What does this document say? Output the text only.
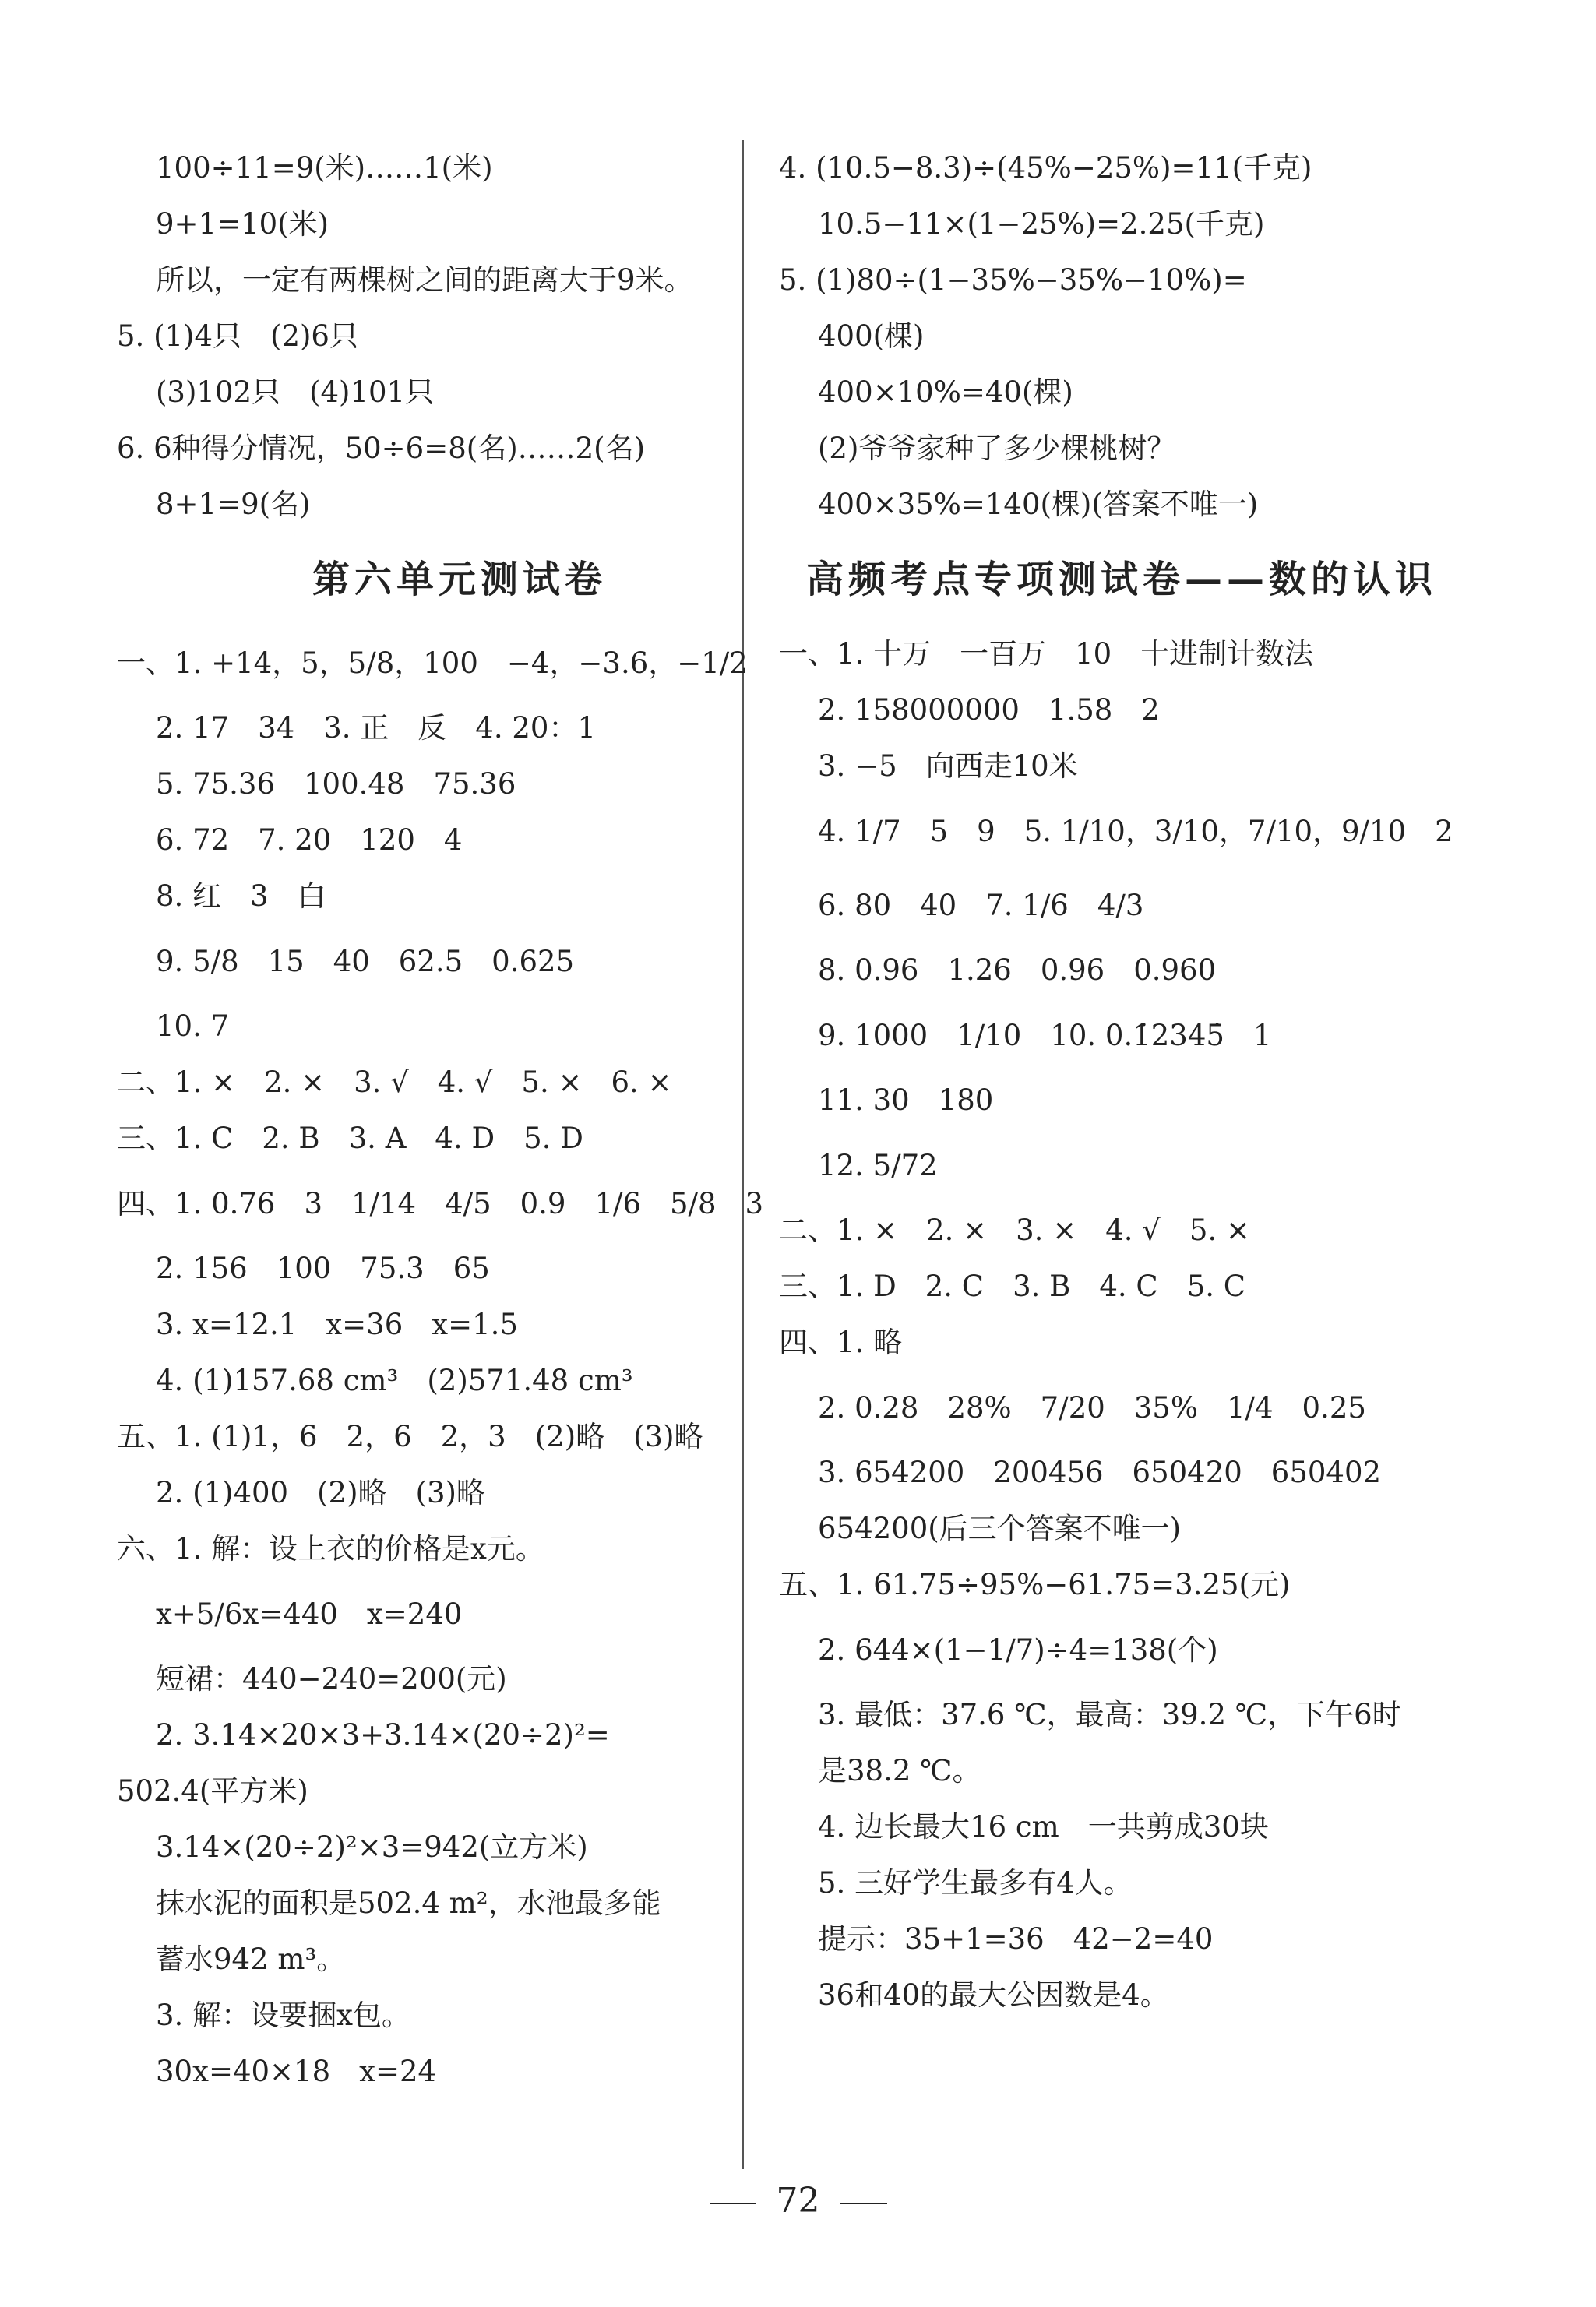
100÷11=9(米)……1(米)
9+1=10(米)
所以，一定有两棵树之间的距离大于9米。
5. (1)4只　(2)6只
(3)102只　(4)101只
6. 6种得分情况，50÷6=8(名)……2(名)
8+1=9(名)
第六单元测试卷
一、1. +14，5，5/8，100　−4，−3.6，−1/2
2. 17　34　3. 正　反　4. 20：1
5. 75.36　100.48　75.36
6. 72　7. 20　120　4
8. 红　3　白
9. 5/8　15　40　62.5　0.625
10. 7
二、1. ×　2. ×　3. √　4. √　5. ×　6. ×
三、1. C　2. B　3. A　4. D　5. D
四、1. 0.76　3　1/14　4/5　0.9　1/6　5/8　3
2. 156　100　75.3　65
3. x=12.1　x=36　x=1.5
4. (1)157.68 cm³　(2)571.48 cm³
五、1. (1)1，6　2，6　2，3　(2)略　(3)略
2. (1)400　(2)略　(3)略
六、1. 解：设上衣的价格是x元。
x+5/6x=440　x=240
短裙：440−240=200(元)
2. 3.14×20×3+3.14×(20÷2)²=
502.4(平方米)
3.14×(20÷2)²×3=942(立方米)
抹水泥的面积是502.4 m²，水池最多能
蓄水942 m³。
3. 解：设要捆x包。
30x=40×18　x=24
4. (10.5−8.3)÷(45%−25%)=11(千克)
10.5−11×(1−25%)=2.25(千克)
5. (1)80÷(1−35%−35%−10%)=
400(棵)
400×10%=40(棵)
(2)爷爷家种了多少棵桃树？
400×35%=140(棵)(答案不唯一)
高频考点专项测试卷——数的认识
一、1. 十万　一百万　10　十进制计数法
2. 158000000　1.58　2
3. −5　向西走10米
4. 1/7　5　9　5. 1/10，3/10，7/10，9/10　2
6. 80　40　7. 1/6　4/3
8. 0.96　1.26　0.96　0.960
9. 1000　1/10　10. 0.1̇2345̇　1
11. 30　180
12. 5/72
二、1. ×　2. ×　3. ×　4. √　5. ×
三、1. D　2. C　3. B　4. C　5. C
四、1. 略
2. 0.28　28%　7/20　35%　1/4　0.25
3. 654200　200456　650420　650402
654200(后三个答案不唯一)
五、1. 61.75÷95%−61.75=3.25(元)
2. 644×(1−1/7)÷4=138(个)
3. 最低：37.6 ℃，最高：39.2 ℃，下午6时
是38.2 ℃。
4. 边长最大16 cm　一共剪成30块
5. 三好学生最多有4人。
提示：35+1=36　42−2=40
36和40的最大公因数是4。
72
